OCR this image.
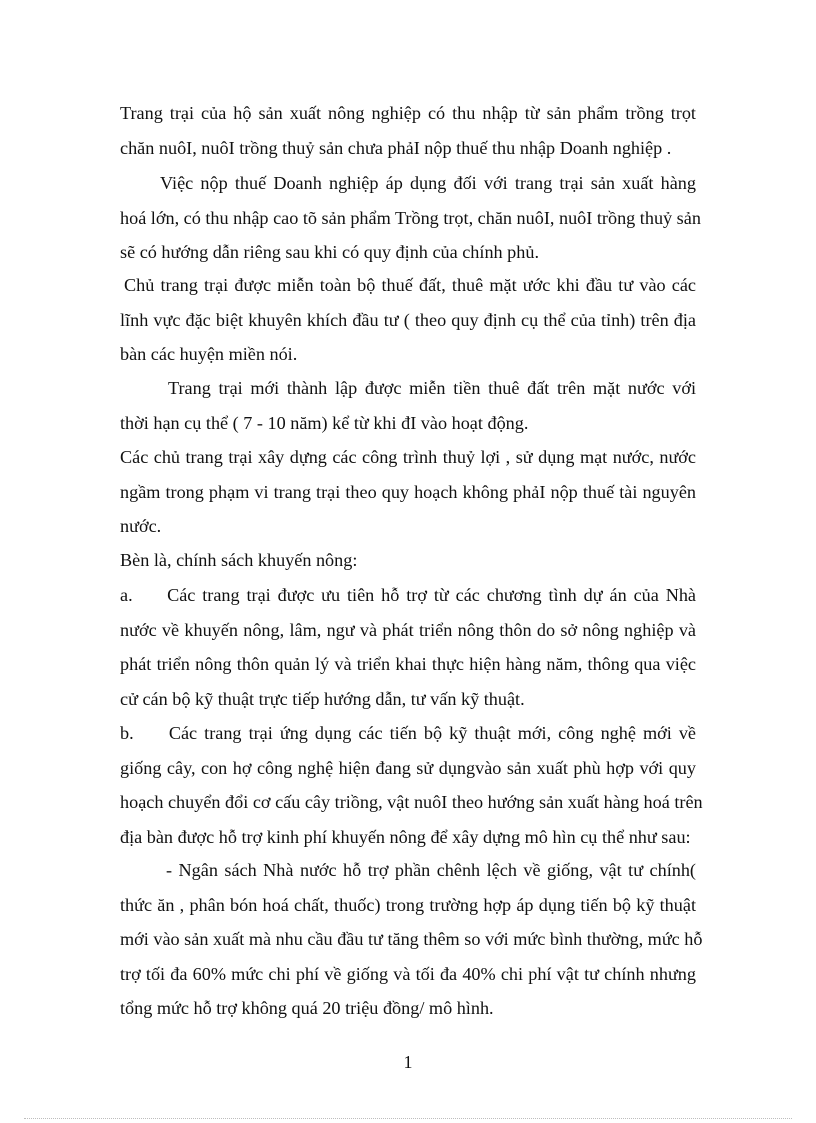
Trang trại của hộ sản xuất nông nghiệp có thu nhập từ sản phẩm trồng trọt
chăn nuôI, nuôI trồng thuỷ sản chưa phảI nộp thuế thu nhập Doanh nghiệp .

Việc nộp thuế Doanh nghiệp áp dụng đối với trang trại sản xuất hàng
hoá lớn, có thu nhập cao tõ sản phẩm Trồng trọt, chăn nuôI, nuôI trồng thuỷ sản
sẽ có hướng dẫn riêng sau khi có quy định của chính phủ.

Chủ trang trại được miễn toàn bộ thuế đất, thuê mặt ước khi đầu tư vào các
lĩnh vực đặc biệt khuyên khích đầu tư ( theo quy định cụ thể của tỉnh) trên địa
bàn các huyện miền nói.

Trang trại mới thành lập được miễn tiền thuê đất trên mặt nước với
thời hạn cụ thể ( 7 - 10 năm) kể từ khi đI vào hoạt động.

Các chủ trang trại xây dựng các công trình thuỷ lợi , sử dụng mạt nước, nước
ngầm trong phạm vi trang trại theo quy hoạch không phảI nộp thuế tài nguyên
nước.

Bèn là, chính sách khuyến nông:

a.     Các trang trại được ưu tiên hỗ trợ từ các chương tình dự án của Nhà
nước về khuyến nông, lâm, ngư và phát triển nông thôn do sở nông nghiệp và
phát triển nông thôn quản lý và triển khai thực hiện hàng năm, thông qua việc
cử cán bộ kỹ thuật trực tiếp hướng dẫn, tư vấn kỹ thuật.

b.     Các trang trại ứng dụng các tiến bộ kỹ thuật mới, công nghệ mới về
giống cây, con hợ công nghệ hiện đang sử dụngvào sản xuất phù hợp với quy
hoạch chuyển đổi cơ cấu cây triồng, vật nuôI theo hướng sản xuất hàng hoá trên
địa bàn được hỗ trợ kinh phí khuyến nông để xây dựng mô hìn cụ thể như sau:

- Ngân sách Nhà nước hỗ trợ phần chênh lệch về giống, vật tư chính(
thức ăn , phân bón hoá chất, thuốc) trong trường hợp áp dụng tiến bộ kỹ thuật
mới vào sản xuất mà nhu cầu đầu tư tăng thêm so với mức bình thường, mức hỗ
trợ tối đa 60% mức chi phí về giống và tối đa 40% chi phí vật tư chính nhưng
tổng mức hỗ trợ không quá 20 triệu đồng/ mô hình.

1
